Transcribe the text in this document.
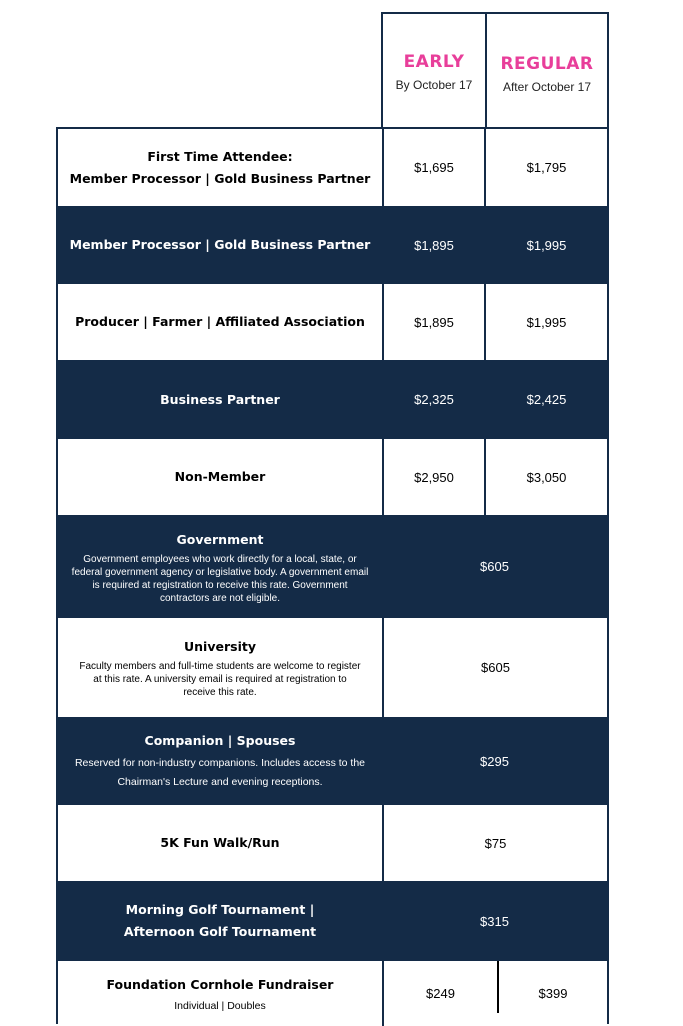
EARLY
By October 17
REGULAR
After October 17
First Time Attendee:
Member Processor | Gold Business Partner
$1,695	$1,795
Member Processor | Gold Business Partner	$1,895	$1,995
Producer | Farmer | Affiliated Association	$1,895	$1,995
Business Partner	$2,325	$2,425
Non-Member	$2,950	$3,050
Government
Government employees who work directly for a local, state, or federal government agency or legislative body. A government email is required at registration to receive this rate. Government contractors are not eligible.
$605
University
Faculty members and full-time students are welcome to register at this rate. A university email is required at registration to receive this rate.
$605
Companion | Spouses
Reserved for non-industry companions. Includes access to the Chairman's Lecture and evening receptions.
$295
5K Fun Walk/Run	$75
Morning Golf Tournament |
Afternoon Golf Tournament
$315
Foundation Cornhole Fundraiser
Individual | Doubles
$249	$399
